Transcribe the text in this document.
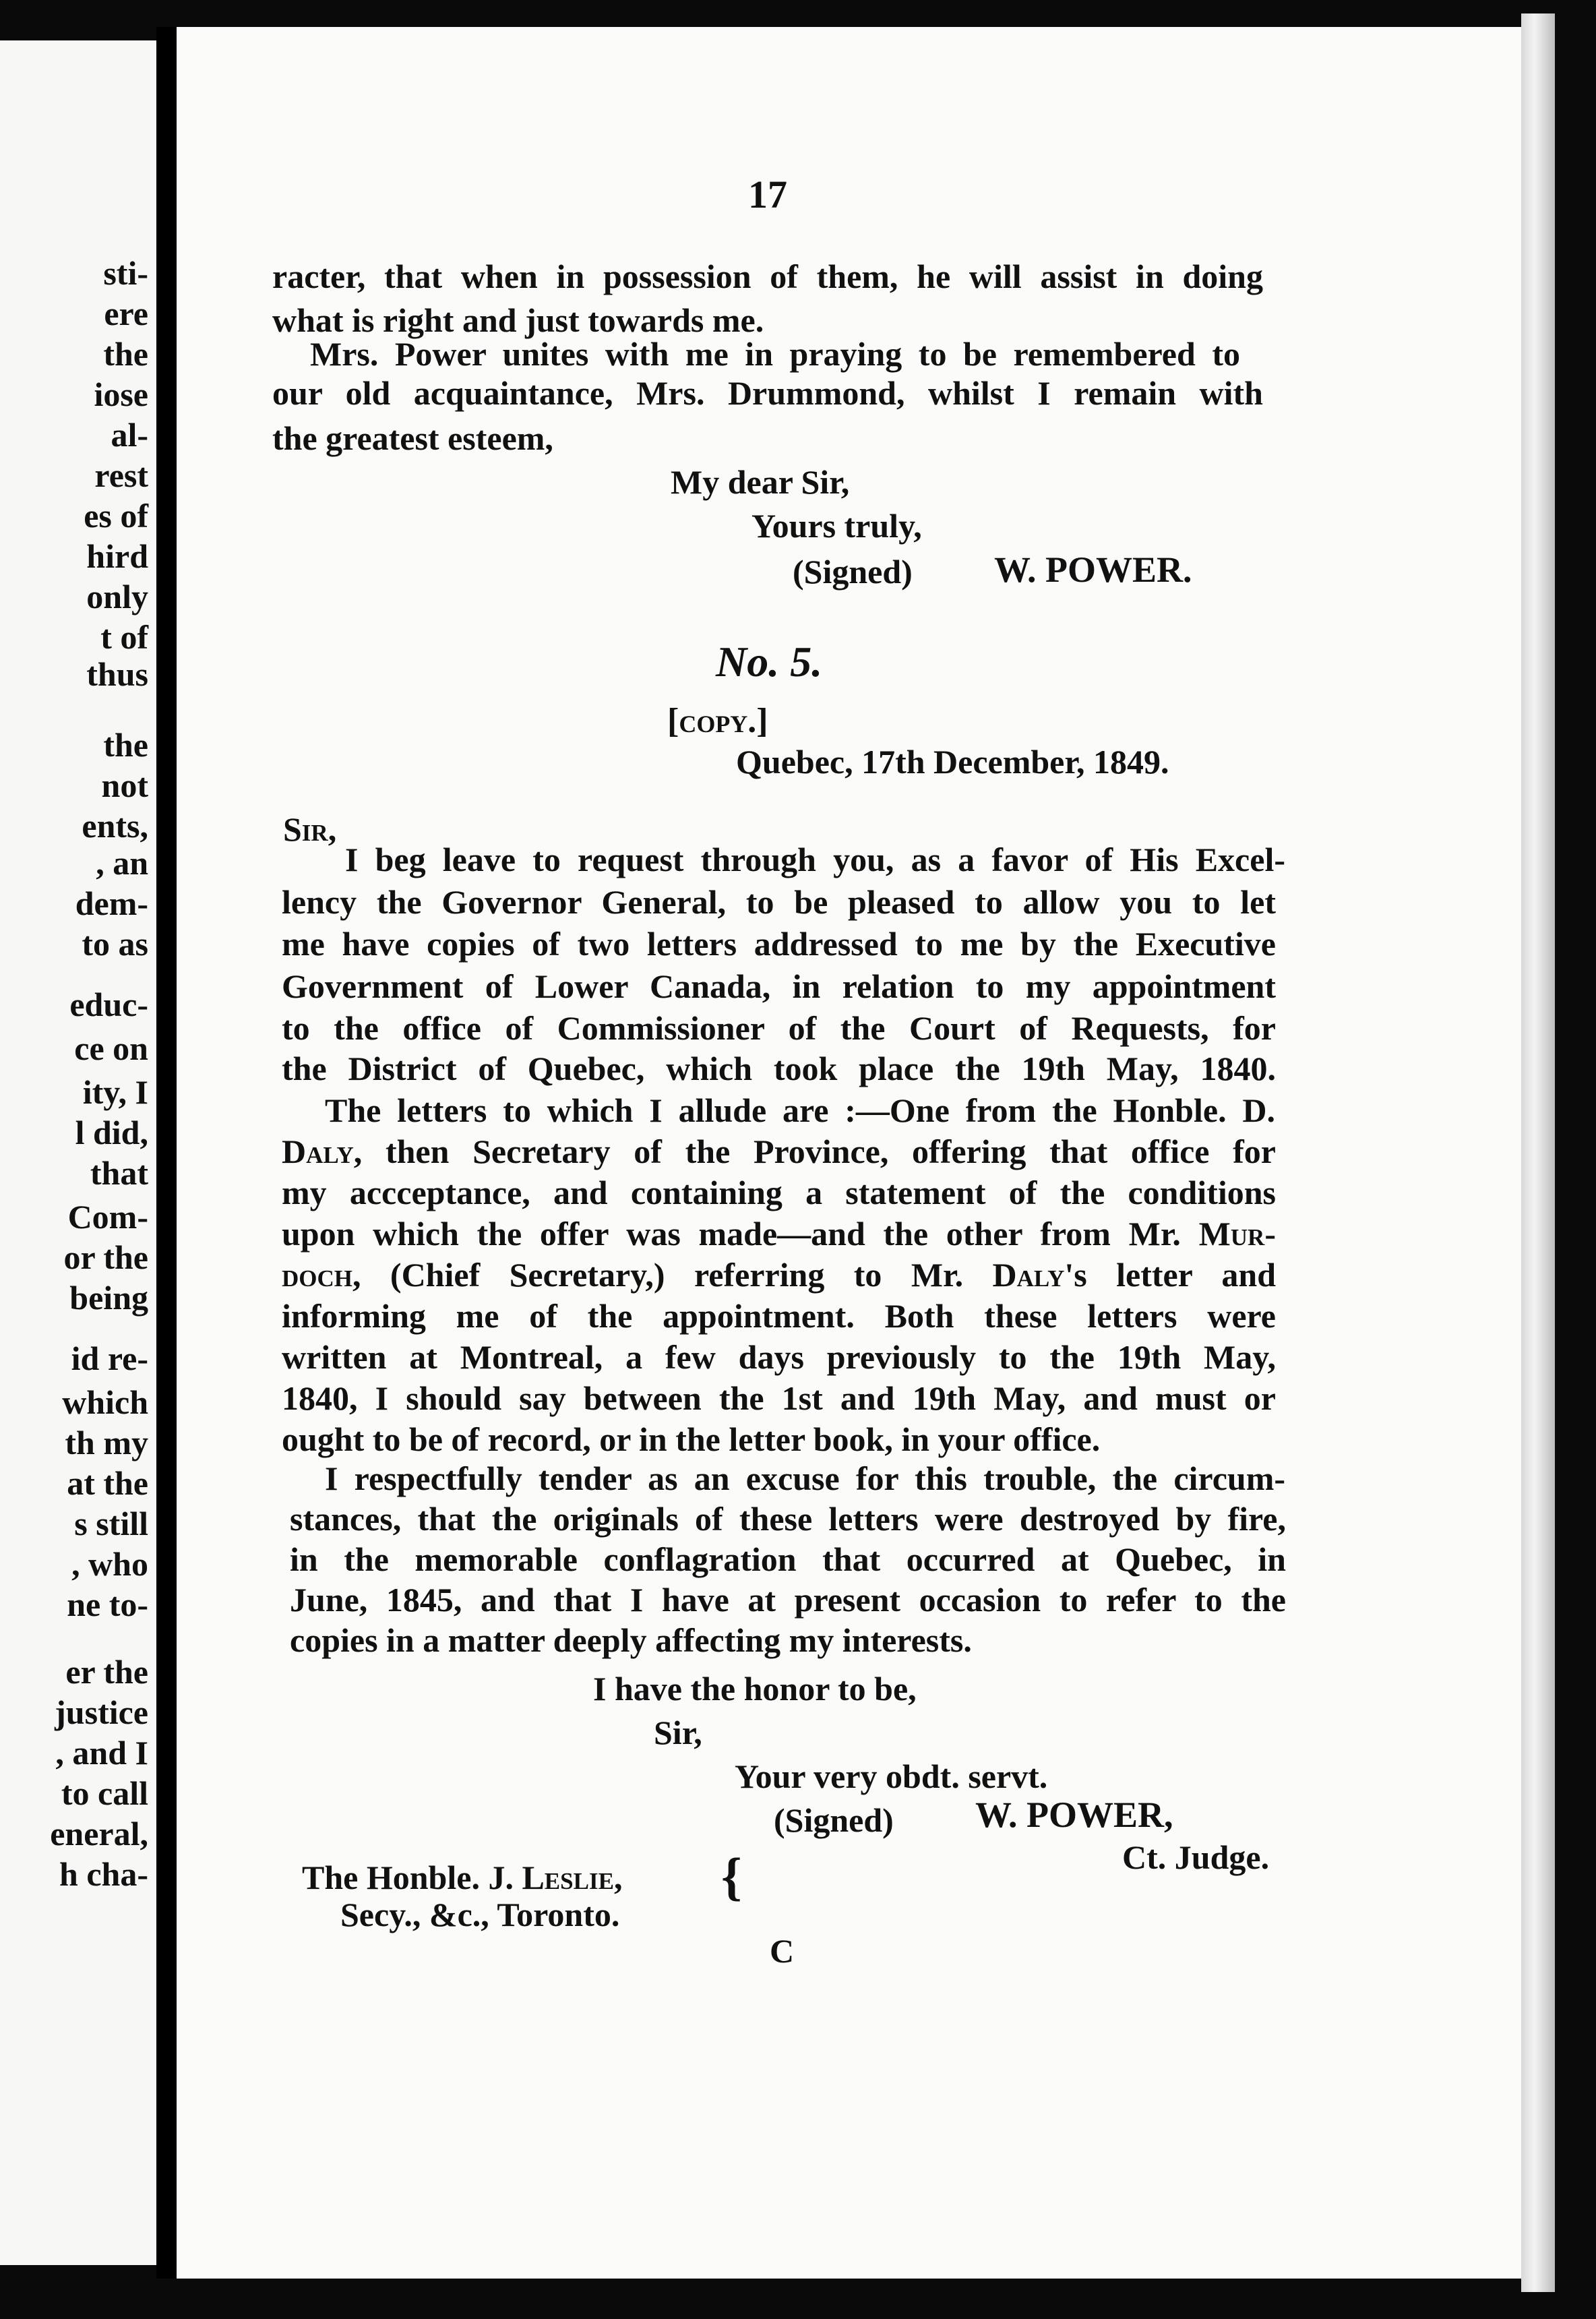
sti-
ere
the
iose
al-
rest
es of
hird
only
t of
thus
the
not
ents,
, an
dem-
to as
educ-
ce on
ity, I
l did,
that
Com-
or the
being
id re-
which
th my
at the
s still
, who
ne to-
er the
justice
, and I
to call
eneral,
h cha-
17
racter, that when in possession of them, he will assist in doing
what is right and just towards me.
Mrs. Power unites with me in praying to be remembered to
our old acquaintance, Mrs. Drummond, whilst I remain with
the greatest esteem,
My dear Sir,
Yours truly,
(Signed) W. POWER.
No. 5.
[copy.]
Quebec, 17th December, 1849.
Sir,
I beg leave to request through you, as a favor of His Excel-
lency the Governor General, to be pleased to allow you to let
me have copies of two letters addressed to me by the Executive
Government of Lower Canada, in relation to my appointment
to the office of Commissioner of the Court of Requests, for
the District of Quebec, which took place the 19th May, 1840.
The letters to which I allude are :—One from the Honble. D.
Daly, then Secretary of the Province, offering that office for
my accceptance, and containing a statement of the conditions
upon which the offer was made—and the other from Mr. Mur-
doch, (Chief Secretary,) referring to Mr. Daly's letter and
informing me of the appointment. Both these letters were
written at Montreal, a few days previously to the 19th May,
1840, I should say between the 1st and 19th May, and must or
ought to be of record, or in the letter book, in your office.
I respectfully tender as an excuse for this trouble, the circum-
stances, that the originals of these letters were destroyed by fire,
in the memorable conflagration that occurred at Quebec, in
June, 1845, and that I have at present occasion to refer to the
copies in a matter deeply affecting my interests.
I have the honor to be,
Sir,
Your very obdt. servt.
(Signed) W. POWER,
Ct. Judge.
The Honble. J. Leslie,
Secy., &c., Toronto.
{
C
